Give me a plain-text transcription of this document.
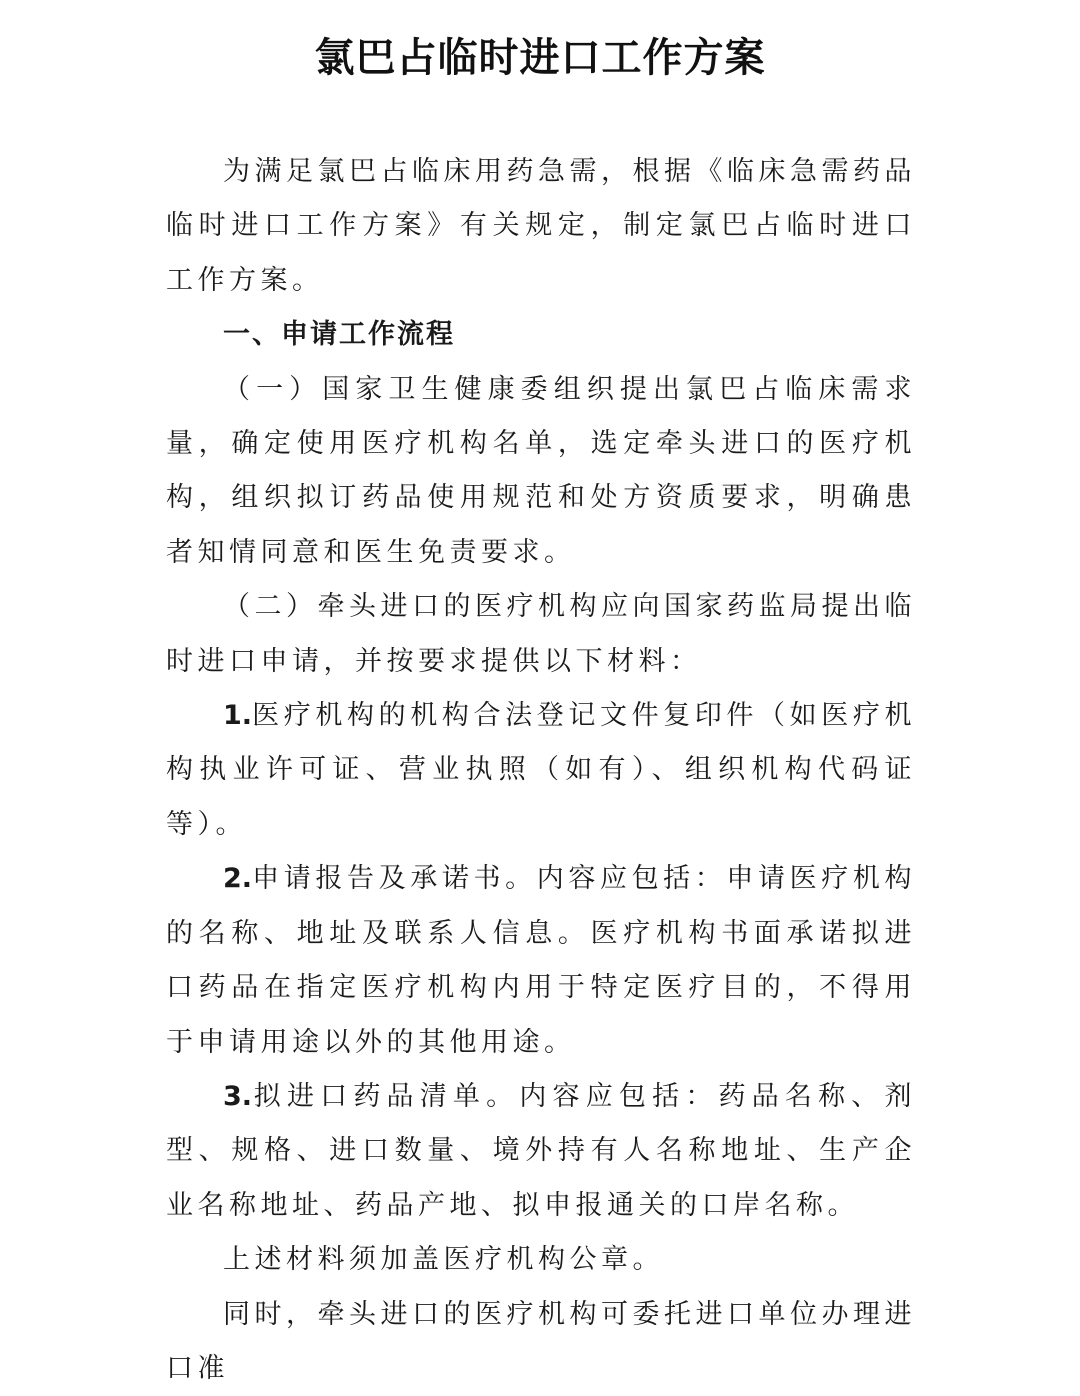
氯巴占临时进口工作方案

为满足氯巴占临床用药急需，根据《临床急需药品临时进口工作方案》有关规定，制定氯巴占临时进口工作方案。

一、申请工作流程

（一）国家卫生健康委组织提出氯巴占临床需求量，确定使用医疗机构名单，选定牵头进口的医疗机构，组织拟订药品使用规范和处方资质要求，明确患者知情同意和医生免责要求。

（二）牵头进口的医疗机构应向国家药监局提出临时进口申请，并按要求提供以下材料：

1.医疗机构的机构合法登记文件复印件（如医疗机构执业许可证、营业执照（如有）、组织机构代码证等）。

2.申请报告及承诺书。内容应包括：申请医疗机构的名称、地址及联系人信息。医疗机构书面承诺拟进口药品在指定医疗机构内用于特定医疗目的，不得用于申请用途以外的其他用途。

3.拟进口药品清单。内容应包括：药品名称、剂型、规格、进口数量、境外持有人名称地址、生产企业名称地址、药品产地、拟申报通关的口岸名称。

上述材料须加盖医疗机构公章。

同时，牵头进口的医疗机构可委托进口单位办理进口准
